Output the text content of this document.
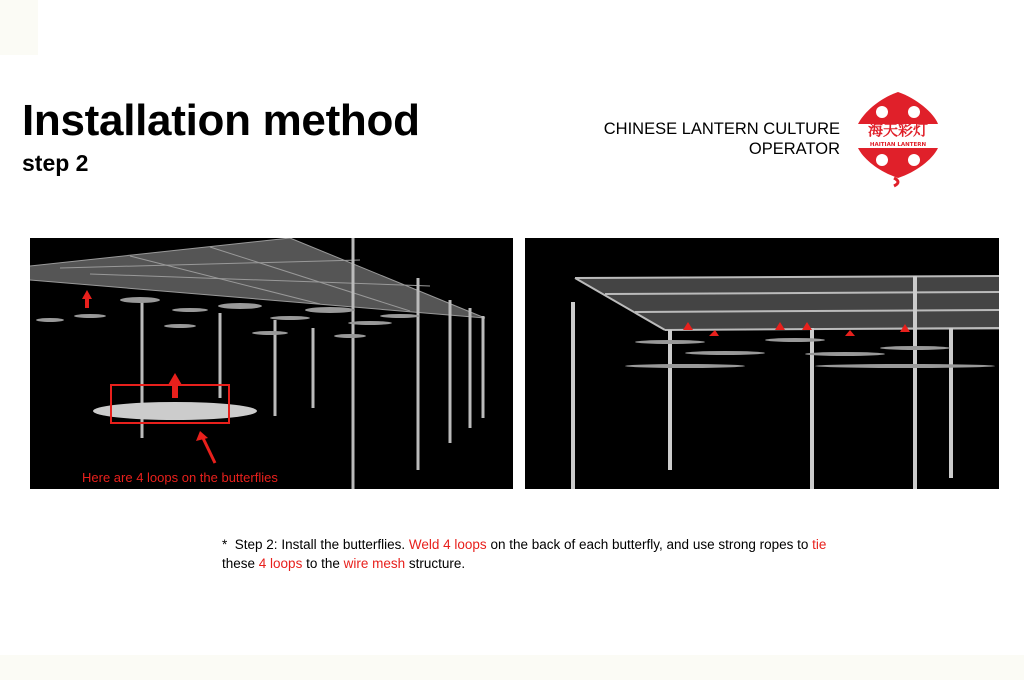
Installation method
step 2
CHINESE LANTERN CULTURE
OPERATOR
海天彩灯
HAITIAN LANTERN
Here are 4 loops on the butterflies
* Step 2: Install the butterflies. Weld 4 loops on the back of each butterfly, and use strong ropes to tie
these 4 loops to the wire mesh structure.
